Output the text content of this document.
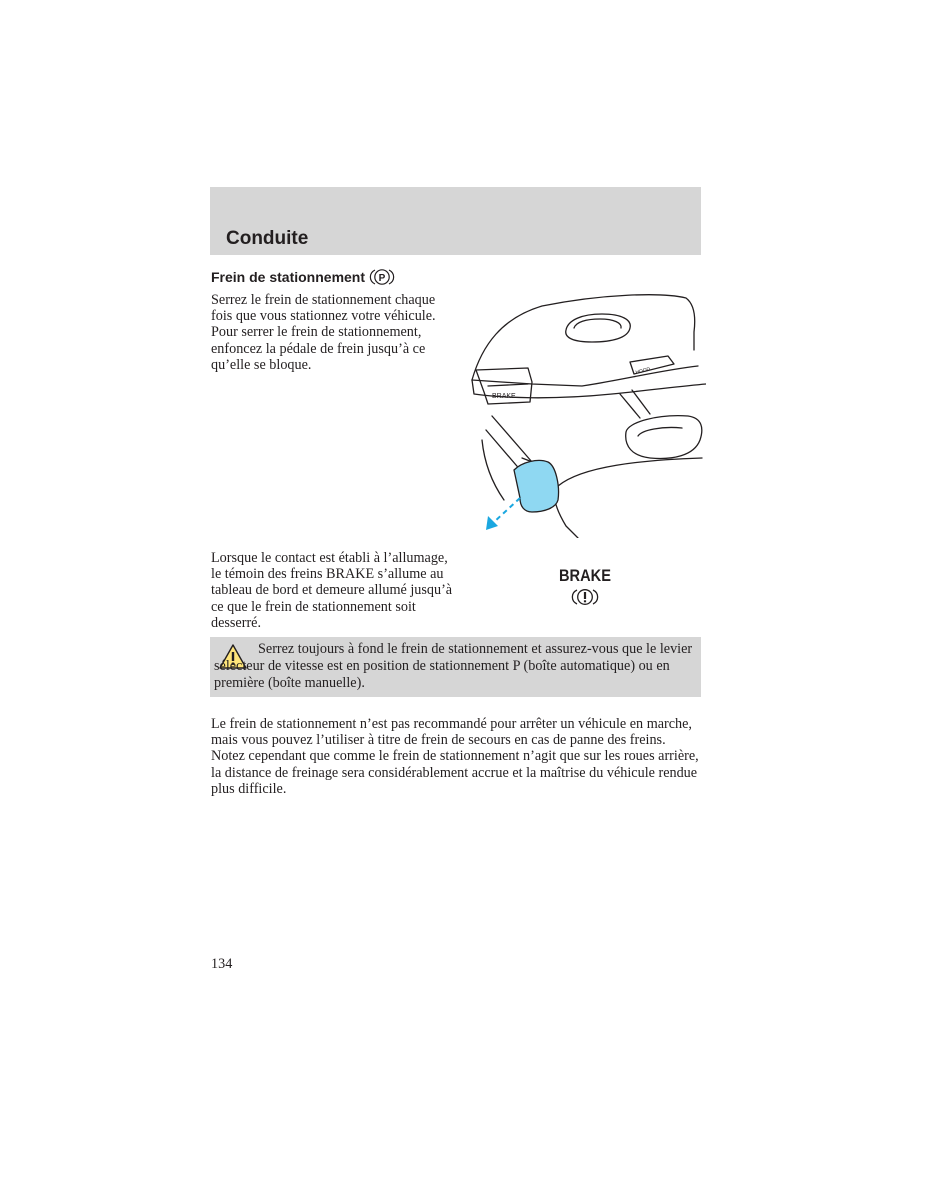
Conduite
Frein de stationnement P

Serrez le frein de stationnement chaque fois que vous stationnez votre véhicule. Pour serrer le frein de stationnement, enfoncez la pédale de frein jusqu’à ce qu’elle se bloque.

BRAKE
HOOD

Lorsque le contact est établi à l’allumage, le témoin des freins BRAKE s’allume au tableau de bord et demeure allumé jusqu’à ce que le frein de stationnement soit desserré.

BRAKE

Serrez toujours à fond le frein de stationnement et assurez-vous que le levier sélecteur de vitesse est en position de stationnement P (boîte automatique) ou en première (boîte manuelle).

Le frein de stationnement n’est pas recommandé pour arrêter un véhicule en marche, mais vous pouvez l’utiliser à titre de frein de secours en cas de panne des freins. Notez cependant que comme le frein de stationnement n’agit que sur les roues arrière, la distance de freinage sera considérablement accrue et la maîtrise du véhicule rendue plus difficile.

134
